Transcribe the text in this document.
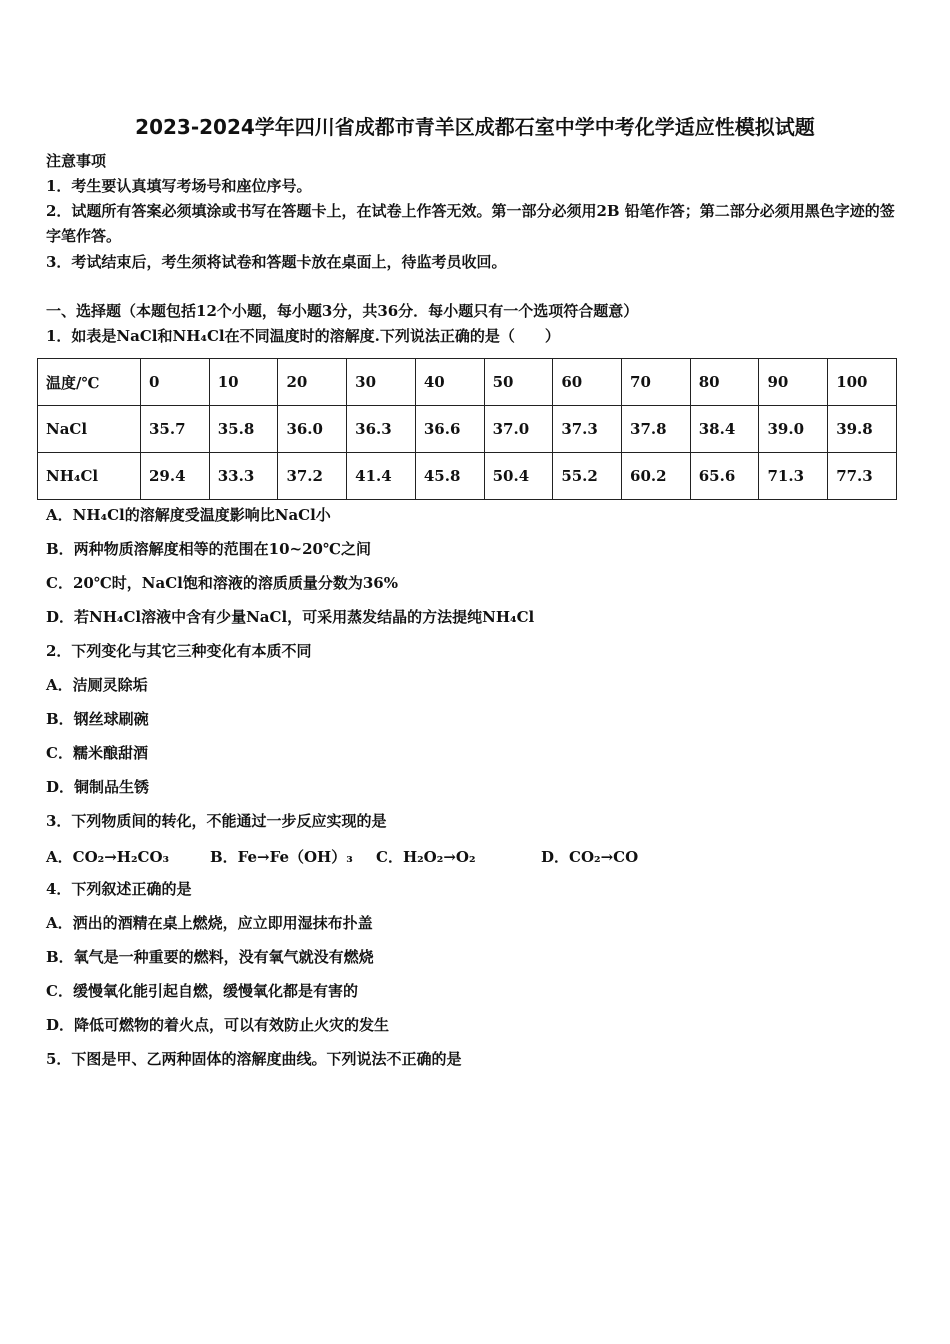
2023-2024学年四川省成都市青羊区成都石室中学中考化学适应性模拟试题
注意事项
1．考生要认真填写考场号和座位序号。
2．试题所有答案必须填涂或书写在答题卡上，在试卷上作答无效。第一部分必须用2B 铅笔作答；第二部分必须用黑色字迹的签字笔作答。
3．考试结束后，考生须将试卷和答题卡放在桌面上，待监考员收回。
一、选择题（本题包括12个小题，每小题3分，共36分．每小题只有一个选项符合题意）
1．如表是NaCl和NH₄Cl在不同温度时的溶解度.下列说法正确的是（　　）
温度/℃	0	10	20	30	40	50	60	70	80	90	100
NaCl	35.7	35.8	36.0	36.3	36.6	37.0	37.3	37.8	38.4	39.0	39.8
NH₄Cl	29.4	33.3	37.2	41.4	45.8	50.4	55.2	60.2	65.6	71.3	77.3
A．NH₄Cl的溶解度受温度影响比NaCl小
B．两种物质溶解度相等的范围在10~20℃之间
C．20℃时，NaCl饱和溶液的溶质质量分数为36%
D．若NH₄Cl溶液中含有少量NaCl，可采用蒸发结晶的方法提纯NH₄Cl
2．下列变化与其它三种变化有本质不同
A．洁厕灵除垢
B．钢丝球刷碗
C．糯米酿甜酒
D．铜制品生锈
3．下列物质间的转化，不能通过一步反应实现的是
A．CO₂→H₂CO₃	B．Fe→Fe（OH）₃ C．H₂O₂→O₂	D．CO₂→CO
4．下列叙述正确的是
A．洒出的酒精在桌上燃烧，应立即用湿抹布扑盖
B．氧气是一种重要的燃料，没有氧气就没有燃烧
C．缓慢氧化能引起自燃，缓慢氧化都是有害的
D．降低可燃物的着火点，可以有效防止火灾的发生
5．下图是甲、乙两种固体的溶解度曲线。下列说法不正确的是
